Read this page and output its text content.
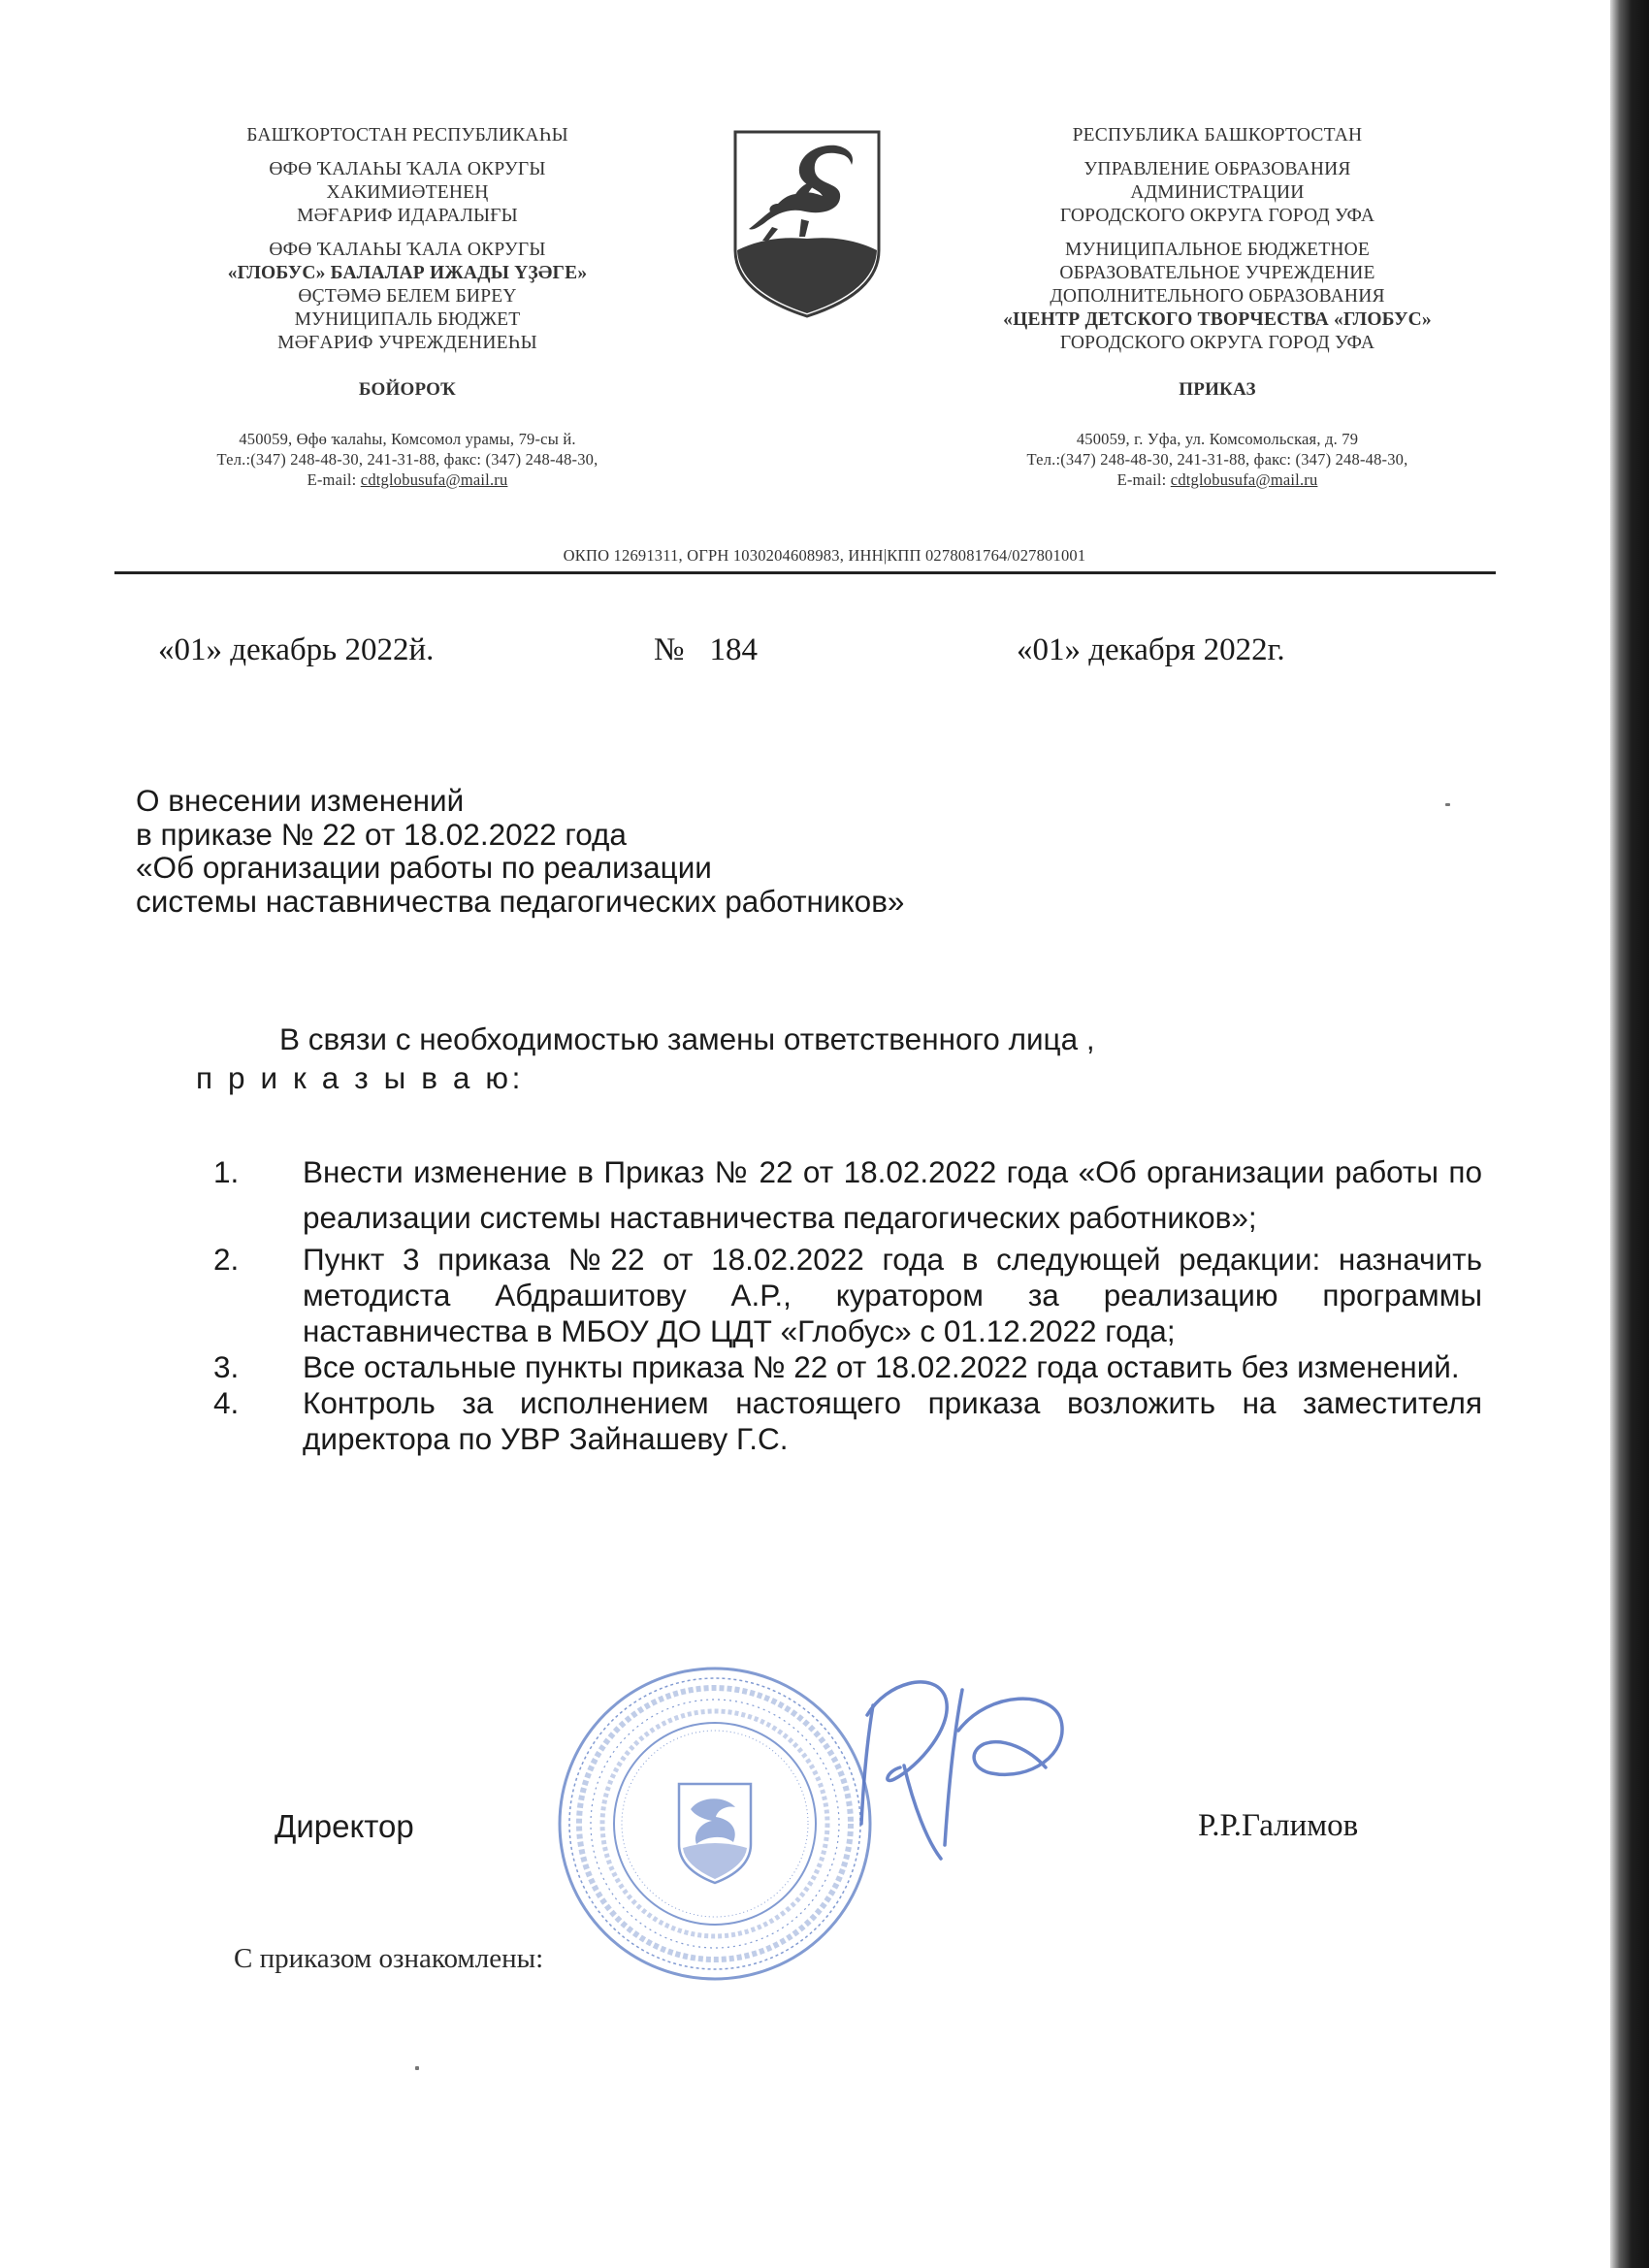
БАШҠОРТОСТАН РЕСПУБЛИКАҺЫ
ӨФӨ ҠАЛАҺЫ ҠАЛА ОКРУГЫ
ХАКИМИӘТЕНЕҢ
МӘҒАРИФ ИДАРАЛЫҒЫ
ӨФӨ ҠАЛАҺЫ ҠАЛА ОКРУГЫ
«ГЛОБУС» БАЛАЛАР ИЖАДЫ ҮҘӘГЕ»
ӨҪТӘМӘ БЕЛЕМ БИРЕҮ
МУНИЦИПАЛЬ БЮДЖЕТ
МӘҒАРИФ УЧРЕЖДЕНИЕҺЫ
БОЙОРОҠ
450059, Өфө ҡалаһы, Комсомол урамы, 79-сы й.
Тел.:(347) 248-48-30, 241-31-88, факс: (347) 248-48-30,
E-mail: cdtglobusufa@mail.ru
РЕСПУБЛИКА БАШКОРТОСТАН
УПРАВЛЕНИЕ ОБРАЗОВАНИЯ
АДМИНИСТРАЦИИ
ГОРОДСКОГО ОКРУГА ГОРОД УФА
МУНИЦИПАЛЬНОЕ БЮДЖЕТНОЕ
ОБРАЗОВАТЕЛЬНОЕ УЧРЕЖДЕНИЕ
ДОПОЛНИТЕЛЬНОГО ОБРАЗОВАНИЯ
«ЦЕНТР ДЕТСКОГО ТВОРЧЕСТВА «ГЛОБУС»
ГОРОДСКОГО ОКРУГА ГОРОД УФА
ПРИКАЗ
450059, г. Уфа, ул. Комсомольская, д. 79
Тел.:(347) 248-48-30, 241-31-88, факс: (347) 248-48-30,
E-mail: cdtglobusufa@mail.ru
ОКПО 12691311, ОГРН 1030204608983, ИНН|КПП 0278081764/027801001
«01» декабрь 2022й.	№ 184	«01» декабря 2022г.
О внесении изменений
в приказе № 22 от 18.02.2022 года
«Об организации работы по реализации
системы наставничества педагогических работников»
В связи с необходимостью замены ответственного лица ,
п р и к а з ы в а ю:
1. Внести изменение в Приказ № 22 от 18.02.2022 года «Об организации работы по реализации системы наставничества педагогических работников»;
2. Пункт 3 приказа №22 от 18.02.2022 года в следующей редакции: назначить методиста Абдрашитову А.Р., куратором за реализацию программы наставничества в МБОУ ДО ЦДТ «Глобус» с 01.12.2022 года;
3. Все остальные пункты приказа № 22 от 18.02.2022 года оставить без изменений.
4. Контроль за исполнением настоящего приказа возложить на заместителя директора по УВР Зайнашеву Г.С.
Директор	Р.Р.Галимов
С приказом ознакомлены:
